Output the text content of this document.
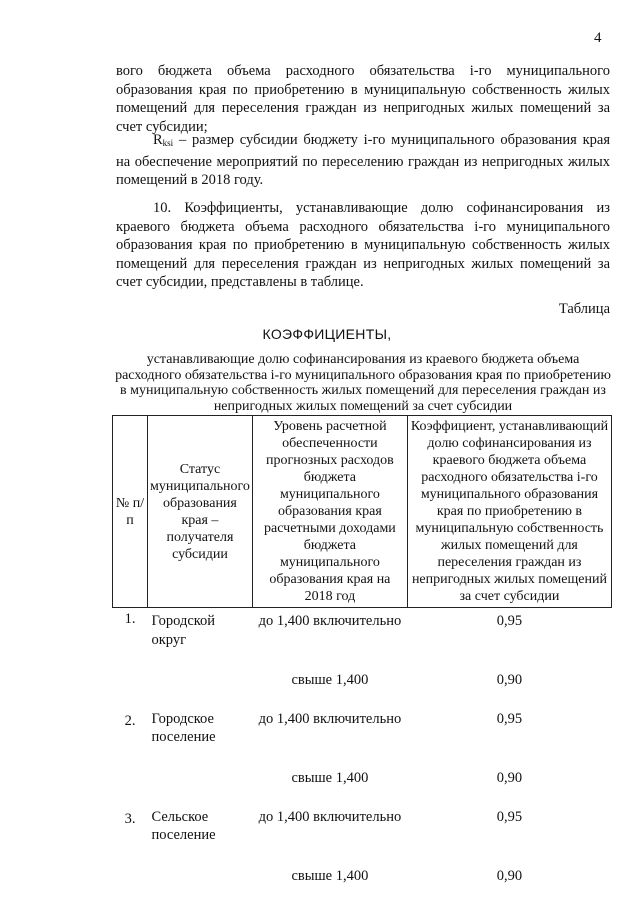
4

вого бюджета объема расходного обязательства i-го муниципального образования края по приобретению в муниципальную собственность жилых помещений для переселения граждан из непригодных жилых помещений за счет субсидии;

$R_{ksi}$ – размер субсидии бюджету i-го муниципального образования края на обеспечение мероприятий по переселению граждан из непригодных жилых помещений в 2018 году.

10. Коэффициенты, устанавливающие долю софинансирования из краевого бюджета объема расходного обязательства i-го муниципального образования края по приобретению в муниципальную собственность жилых помещений для переселения граждан из непригодных жилых помещений за счет субсидии, представлены в таблице.

Таблица
КОЭФФИЦИЕНТЫ,
устанавливающие долю софинансирования из краевого бюджета объема расходного обязательства i-го муниципального образования края по приобретению в муниципальную собственность жилых помещений для переселения граждан из непригодных жилых помещений за счет субсидии
№ п/п	Статус муниципального образования края – получателя субсидии	Уровень расчетной обеспеченности прогнозных расходов бюджета муниципального образования края расчетными доходами бюджета муниципального образования края на 2018 год	Коэффициент, устанавливающий долю софинансирования из краевого бюджета объема расходного обязательства i-го муниципального образования края по приобретению в муниципальную собственность жилых помещений для переселения граждан из непригодных жилых помещений за счет субсидии
1.	Городской округ	до 1,400 включительно	0,95
		свыше 1,400	0,90
2.	Городское поселение	до 1,400 включительно	0,95
		свыше 1,400	0,90
3.	Сельское поселение	до 1,400 включительно	0,95
		свыше 1,400	0,90
